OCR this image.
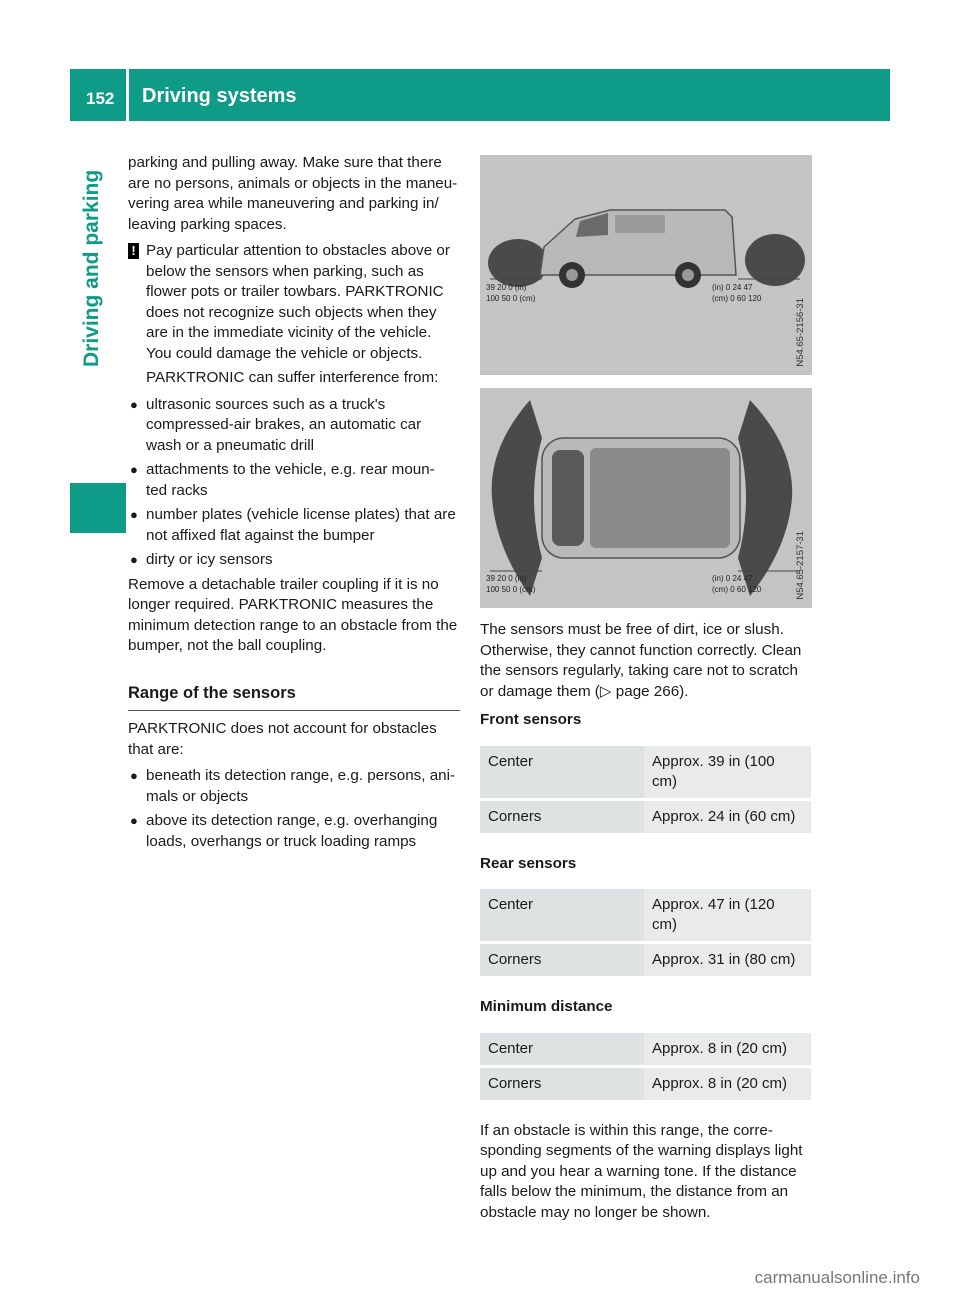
152 Driving systems
Driving and parking

parking and pulling away. Make sure that there are no persons, animals or objects in the maneu- vering area while maneuvering and parking in/ leaving parking spaces.

! Pay particular attention to obstacles above or below the sensors when parking, such as flower pots or trailer towbars. PARKTRONIC does not recognize such objects when they are in the immediate vicinity of the vehicle. You could damage the vehicle or objects.

PARKTRONIC can suffer interference from:

● ultrasonic sources such as a truck's compressed-air brakes, an automatic car wash or a pneumatic drill
● attachments to the vehicle, e.g. rear moun- ted racks
● number plates (vehicle license plates) that are not affixed flat against the bumper
● dirty or icy sensors

Remove a detachable trailer coupling if it is no longer required. PARKTRONIC measures the minimum detection range to an obstacle from the bumper, not the ball coupling.

Range of the sensors

PARKTRONIC does not account for obstacles that are:

● beneath its detection range, e.g. persons, ani- mals or objects
● above its detection range, e.g. overhanging loads, overhangs or truck loading ramps
39 20 0 (in)
100 50 0 (cm)
(in) 0 24 47
(cm) 0 60 120	N54.65-2156-31
39 20 0 (in)
100 50 0 (cm)
(in) 0 24 47
(cm) 0 60 120	N54.65-2157-31

The sensors must be free of dirt, ice or slush. Otherwise, they cannot function correctly. Clean the sensors regularly, taking care not to scratch or damage them (▷ page 266).

Front sensors
Center	Approx. 39 in (100 cm)
Corners	Approx. 24 in (60 cm)
Rear sensors
Center	Approx. 47 in (120 cm)
Corners	Approx. 31 in (80 cm)
Minimum distance
Center	Approx. 8 in (20 cm)
Corners	Approx. 8 in (20 cm)

If an obstacle is within this range, the corre- sponding segments of the warning displays light up and you hear a warning tone. If the distance falls below the minimum, the distance from an obstacle may no longer be shown.

carmanualsonline.info
